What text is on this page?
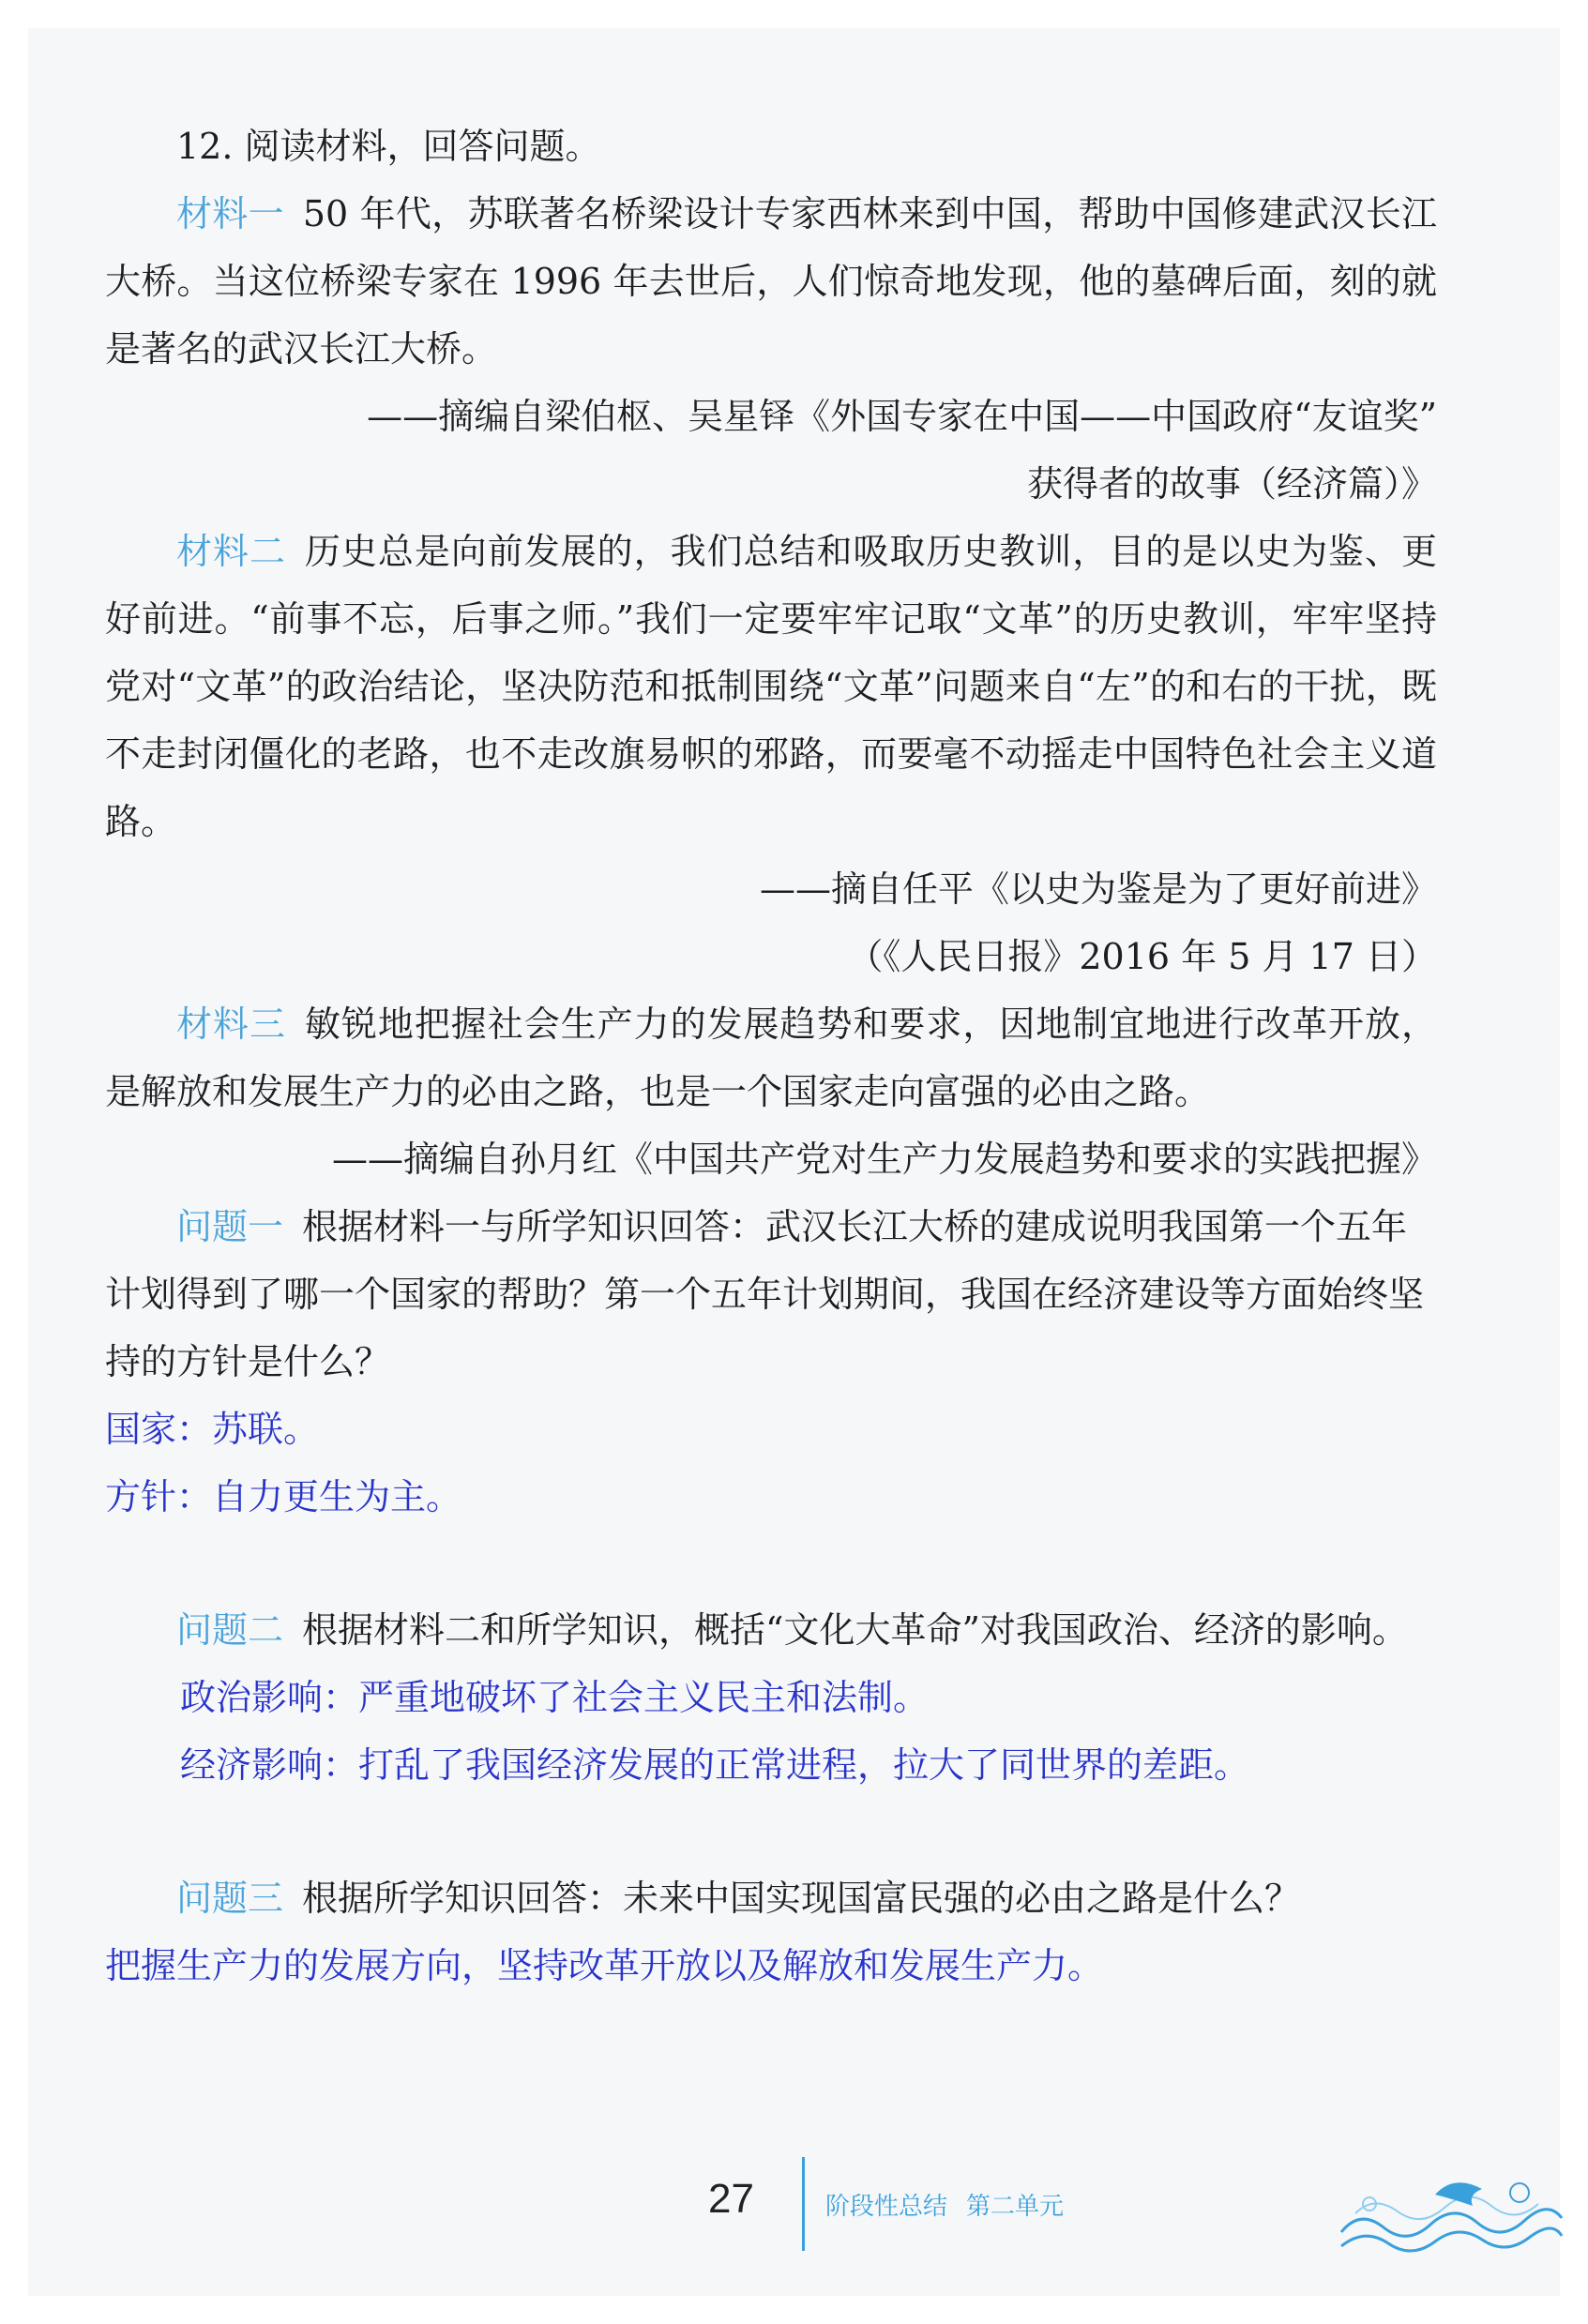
12. 阅读材料，回答问题。

材料一 50 年代，苏联著名桥梁设计专家西林来到中国，帮助中国修建武汉长江大桥。当这位桥梁专家在 1996 年去世后，人们惊奇地发现，他的墓碑后面，刻的就是著名的武汉长江大桥。

——摘编自梁伯枢、吴星铎《外国专家在中国——中国政府“友谊奖”

获得者的故事（经济篇）》

材料二 历史总是向前发展的，我们总结和吸取历史教训，目的是以史为鉴、更好前进。“前事不忘，后事之师。”我们一定要牢牢记取“文革”的历史教训，牢牢坚持党对“文革”的政治结论，坚决防范和抵制围绕“文革”问题来自“左”的和右的干扰，既不走封闭僵化的老路，也不走改旗易帜的邪路，而要毫不动摇走中国特色社会主义道路。

——摘自任平《以史为鉴是为了更好前进》

（《人民日报》2016 年 5 月 17 日）

材料三 敏锐地把握社会生产力的发展趋势和要求，因地制宜地进行改革开放，是解放和发展生产力的必由之路，也是一个国家走向富强的必由之路。

——摘编自孙月红《中国共产党对生产力发展趋势和要求的实践把握》

问题一 根据材料一与所学知识回答：武汉长江大桥的建成说明我国第一个五年计划得到了哪一个国家的帮助？第一个五年计划期间，我国在经济建设等方面始终坚持的方针是什么？

国家：苏联。

方针：自力更生为主。

问题二 根据材料二和所学知识，概括“文化大革命”对我国政治、经济的影响。

政治影响：严重地破坏了社会主义民主和法制。

经济影响：打乱了我国经济发展的正常进程，拉大了同世界的差距。

问题三 根据所学知识回答：未来中国实现国富民强的必由之路是什么？

把握生产力的发展方向，坚持改革开放以及解放和发展生产力。

27	阶段性总结 第二单元
